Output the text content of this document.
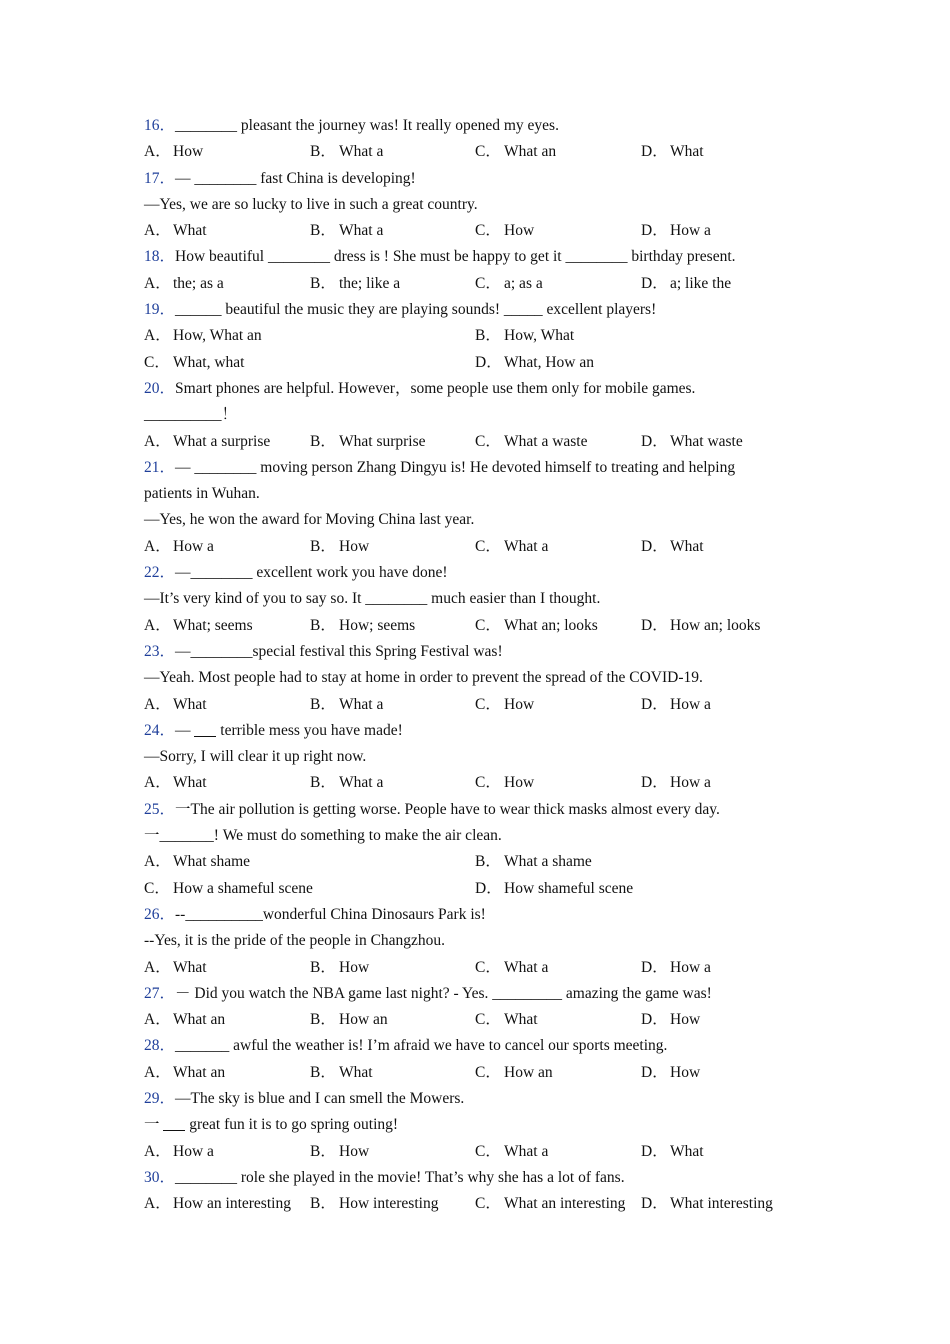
16．________ pleasant the journey was! It really opened my eyes.
A． How	B． What a	C． What an	D． What
17．— ________ fast China is developing!
—Yes, we are so lucky to live in such a great country.
A． What	B． What a	C． How	D． How a
18．How beautiful ________ dress is ! She must be happy to get it ________ birthday present.
A． the; as a	B． the; like a	C． a; as a	D． a; like the
19．______ beautiful the music they are playing sounds! _____ excellent players!
A． How, What an	B． How, What
C． What, what	D． What, How an
20．Smart phones are helpful. However，some people use them only for mobile games.
__________！
A． What a surprise	B． What surprise	C． What a waste	D． What waste
21．— ________ moving person Zhang Dingyu is! He devoted himself to treating and helping
patients in Wuhan.
—Yes, he won the award for Moving China last year.
A． How a	B． How	C． What a	D． What
22．—________ excellent work you have done!
—It’s very kind of you to say so. It ________ much easier than I thought.
A． What; seems	B． How; seems	C． What an; looks	D． How an; looks
23．—________special festival this Spring Festival was!
—Yeah. Most people had to stay at home in order to prevent the spread of the COVID-19.
A． What	B． What a	C． How	D． How a
24．— terrible mess you have made!
—Sorry, I will clear it up right now.
A． What	B． What a	C． How	D． How a
25．一The air pollution is getting worse. People have to wear thick masks almost every day.
一_______! We must do something to make the air clean.
A． What shame	B． What a shame
C． How a shameful scene	D． How shameful scene
26．--__________wonderful China Dinosaurs Park is!
--Yes, it is the pride of the people in Changzhou.
A． What	B． How	C． What a	D． How a
27．－ Did you watch the NBA game last night? - Yes. _________ amazing the game was!
A． What an	B． How an	C． What	D． How
28．_______ awful the weather is! I’m afraid we have to cancel our sports meeting.
A． What an	B． What	C． How an	D． How
29．—The sky is blue and I can smell the Mowers.
一 great fun it is to go spring outing!
A． How a	B． How	C． What a	D． What
30．________ role she played in the movie! That’s why she has a lot of fans.
A． How an interesting B． How interesting C． What an interesting D． What interesting
